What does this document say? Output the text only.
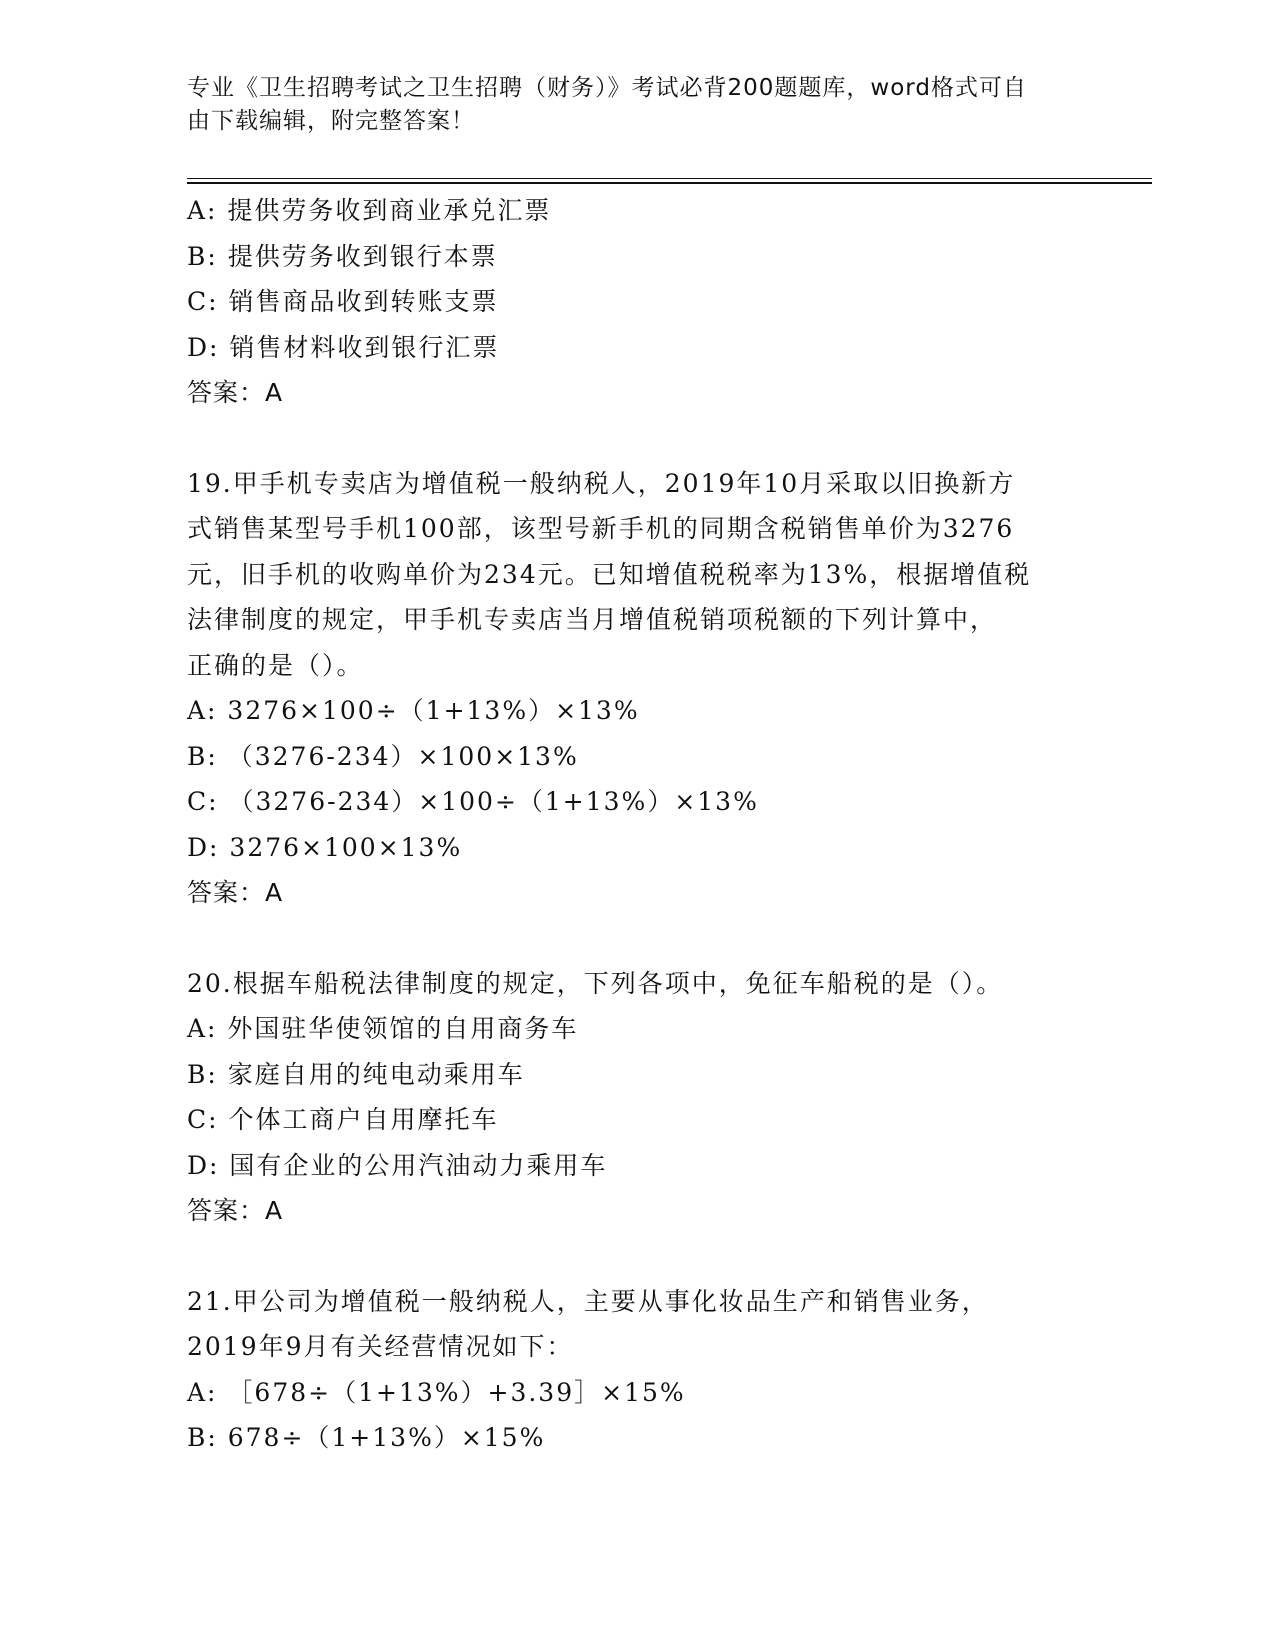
专业《卫生招聘考试之卫生招聘（财务）》考试必背200题题库，word格式可自
由下载编辑，附完整答案！
A: 提供劳务收到商业承兑汇票
B: 提供劳务收到银行本票
C: 销售商品收到转账支票
D: 销售材料收到银行汇票
答案：A
19.甲手机专卖店为增值税一般纳税人，2019年10月采取以旧换新方
式销售某型号手机100部，该型号新手机的同期含税销售单价为3276
元，旧手机的收购单价为234元。已知增值税税率为13%，根据增值税
法律制度的规定，甲手机专卖店当月增值税销项税额的下列计算中，
正确的是（）。
A: 3276×100÷（1+13%）×13%
B: （3276-234）×100×13%
C: （3276-234）×100÷（1+13%）×13%
D: 3276×100×13%
答案：A
20.根据车船税法律制度的规定，下列各项中，免征车船税的是（）。
A: 外国驻华使领馆的自用商务车
B: 家庭自用的纯电动乘用车
C: 个体工商户自用摩托车
D: 国有企业的公用汽油动力乘用车
答案：A
21.甲公司为增值税一般纳税人，主要从事化妆品生产和销售业务，
2019年9月有关经营情况如下：
A: ［678÷（1+13%）+3.39］×15%
B: 678÷（1+13%）×15%
